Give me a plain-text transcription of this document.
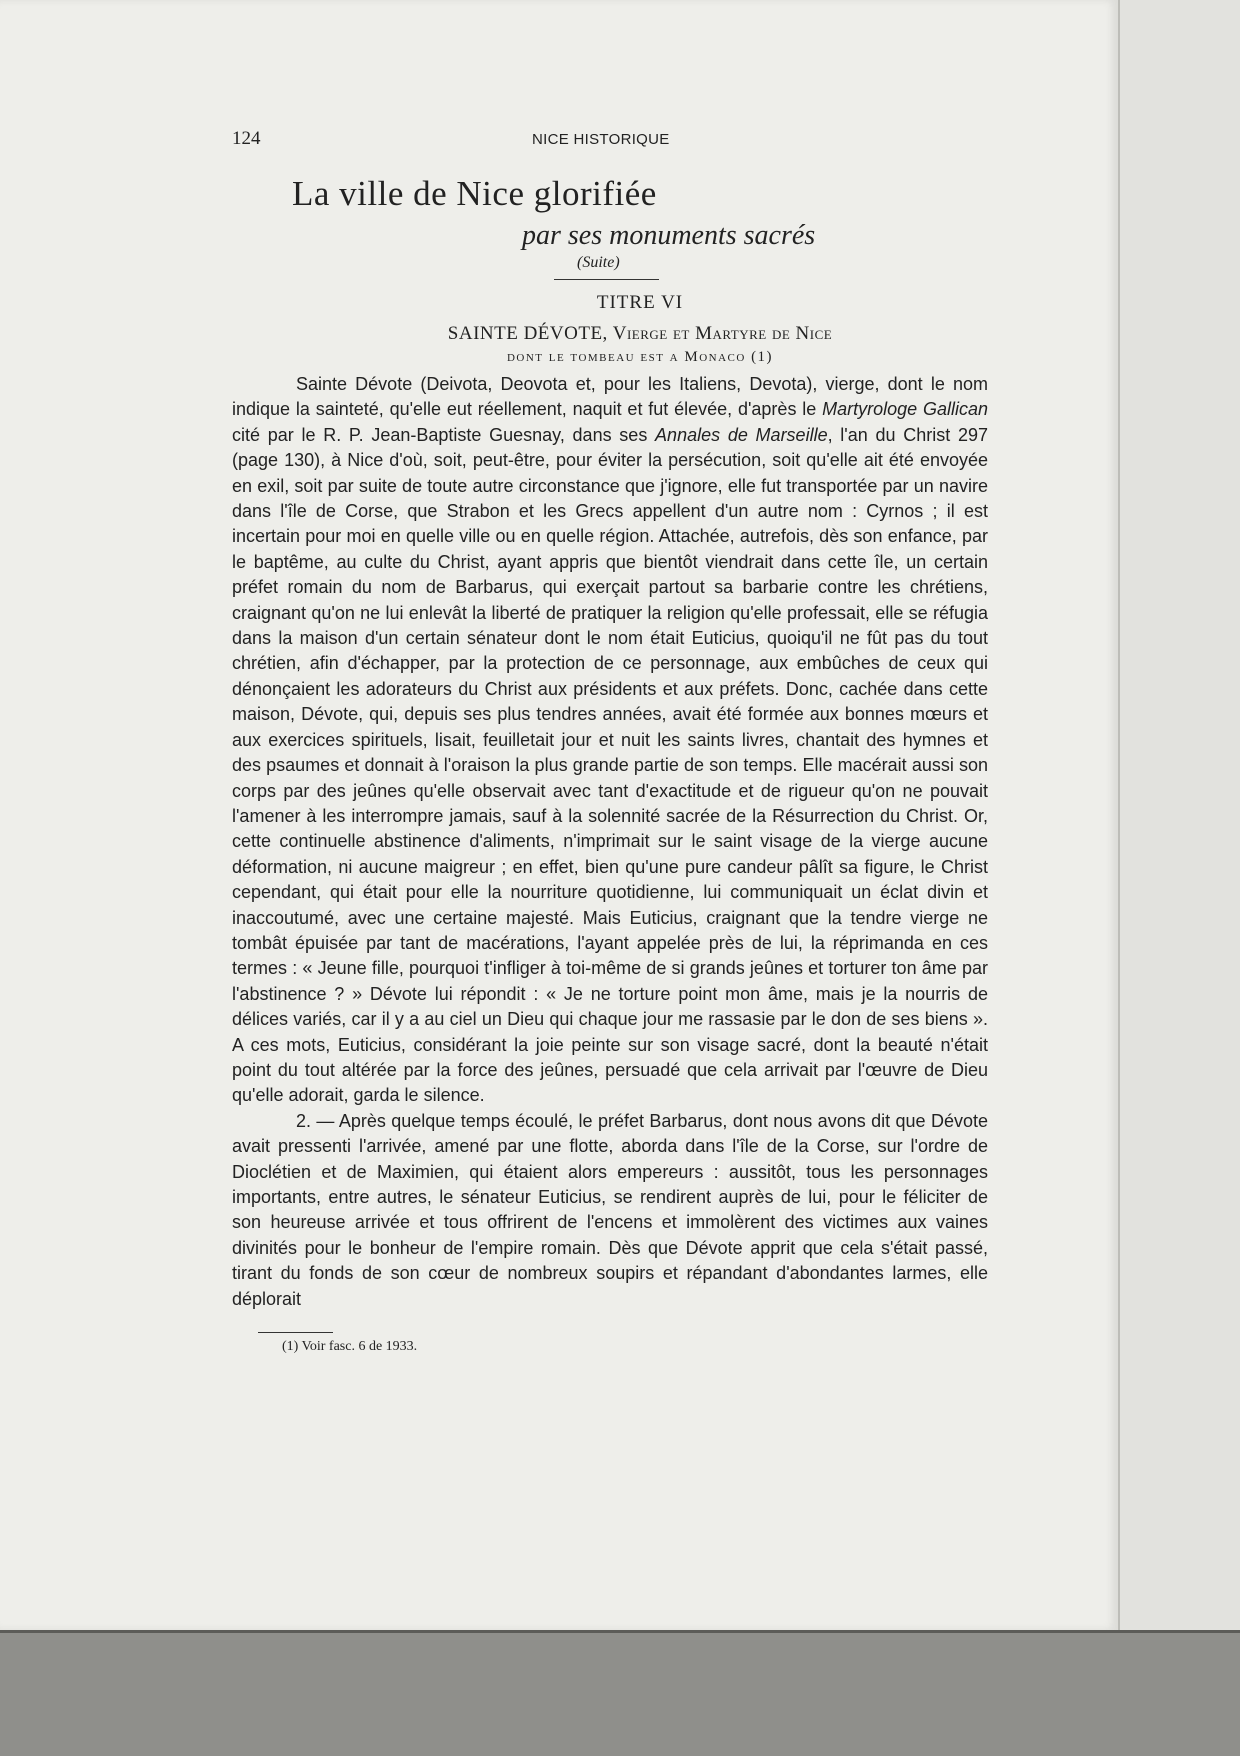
124	NICE HISTORIQUE
La ville de Nice glorifiée
par ses monuments sacrés
(Suite)
TITRE VI
SAINTE DÉVOTE, Vierge et Martyre de Nice
dont le tombeau est a Monaco (1)

Sainte Dévote (Deivota, Deovota et, pour les Italiens, Devota), vierge, dont le nom indique la sainteté, qu'elle eut réellement, naquit et fut élevée, d'après le Martyrologe Gallican cité par le R. P. Jean-Baptiste Guesnay, dans ses Annales de Marseille, l'an du Christ 297 (page 130), à Nice d'où, soit, peut-être, pour éviter la persécution, soit qu'elle ait été envoyée en exil, soit par suite de toute autre circonstance que j'ignore, elle fut transportée par un navire dans l'île de Corse, que Strabon et les Grecs appellent d'un autre nom : Cyrnos ; il est incertain pour moi en quelle ville ou en quelle région. Attachée, autrefois, dès son enfance, par le baptême, au culte du Christ, ayant appris que bientôt viendrait dans cette île, un certain préfet romain du nom de Barbarus, qui exerçait partout sa barbarie contre les chrétiens, craignant qu'on ne lui enlevât la liberté de pratiquer la religion qu'elle professait, elle se réfugia dans la maison d'un certain sénateur dont le nom était Euticius, quoiqu'il ne fût pas du tout chrétien, afin d'échapper, par la protection de ce personnage, aux embûches de ceux qui dénonçaient les adorateurs du Christ aux présidents et aux préfets. Donc, cachée dans cette maison, Dévote, qui, depuis ses plus tendres années, avait été formée aux bonnes mœurs et aux exercices spirituels, lisait, feuilletait jour et nuit les saints livres, chantait des hymnes et des psaumes et donnait à l'oraison la plus grande partie de son temps. Elle macérait aussi son corps par des jeûnes qu'elle observait avec tant d'exactitude et de rigueur qu'on ne pouvait l'amener à les interrompre jamais, sauf à la solennité sacrée de la Résurrection du Christ. Or, cette continuelle abstinence d'aliments, n'imprimait sur le saint visage de la vierge aucune déformation, ni aucune maigreur ; en effet, bien qu'une pure candeur pâlît sa figure, le Christ cependant, qui était pour elle la nourriture quotidienne, lui communiquait un éclat divin et inaccoutumé, avec une certaine majesté. Mais Euticius, craignant que la tendre vierge ne tombât épuisée par tant de macérations, l'ayant appelée près de lui, la réprimanda en ces termes : « Jeune fille, pourquoi t'infliger à toi-même de si grands jeûnes et torturer ton âme par l'abstinence ? » Dévote lui répondit : « Je ne torture point mon âme, mais je la nourris de délices variés, car il y a au ciel un Dieu qui chaque jour me rassasie par le don de ses biens ». A ces mots, Euticius, considérant la joie peinte sur son visage sacré, dont la beauté n'était point du tout altérée par la force des jeûnes, persuadé que cela arrivait par l'œuvre de Dieu qu'elle adorait, garda le silence.

2. — Après quelque temps écoulé, le préfet Barbarus, dont nous avons dit que Dévote avait pressenti l'arrivée, amené par une flotte, aborda dans l'île de la Corse, sur l'ordre de Dioclétien et de Maximien, qui étaient alors empereurs : aussitôt, tous les personnages importants, entre autres, le sénateur Euticius, se rendirent auprès de lui, pour le féliciter de son heureuse arrivée et tous offrirent de l'encens et immolèrent des victimes aux vaines divinités pour le bonheur de l'empire romain. Dès que Dévote apprit que cela s'était passé, tirant du fonds de son cœur de nombreux soupirs et répandant d'abondantes larmes, elle déplorait

(1) Voir fasc. 6 de 1933.
